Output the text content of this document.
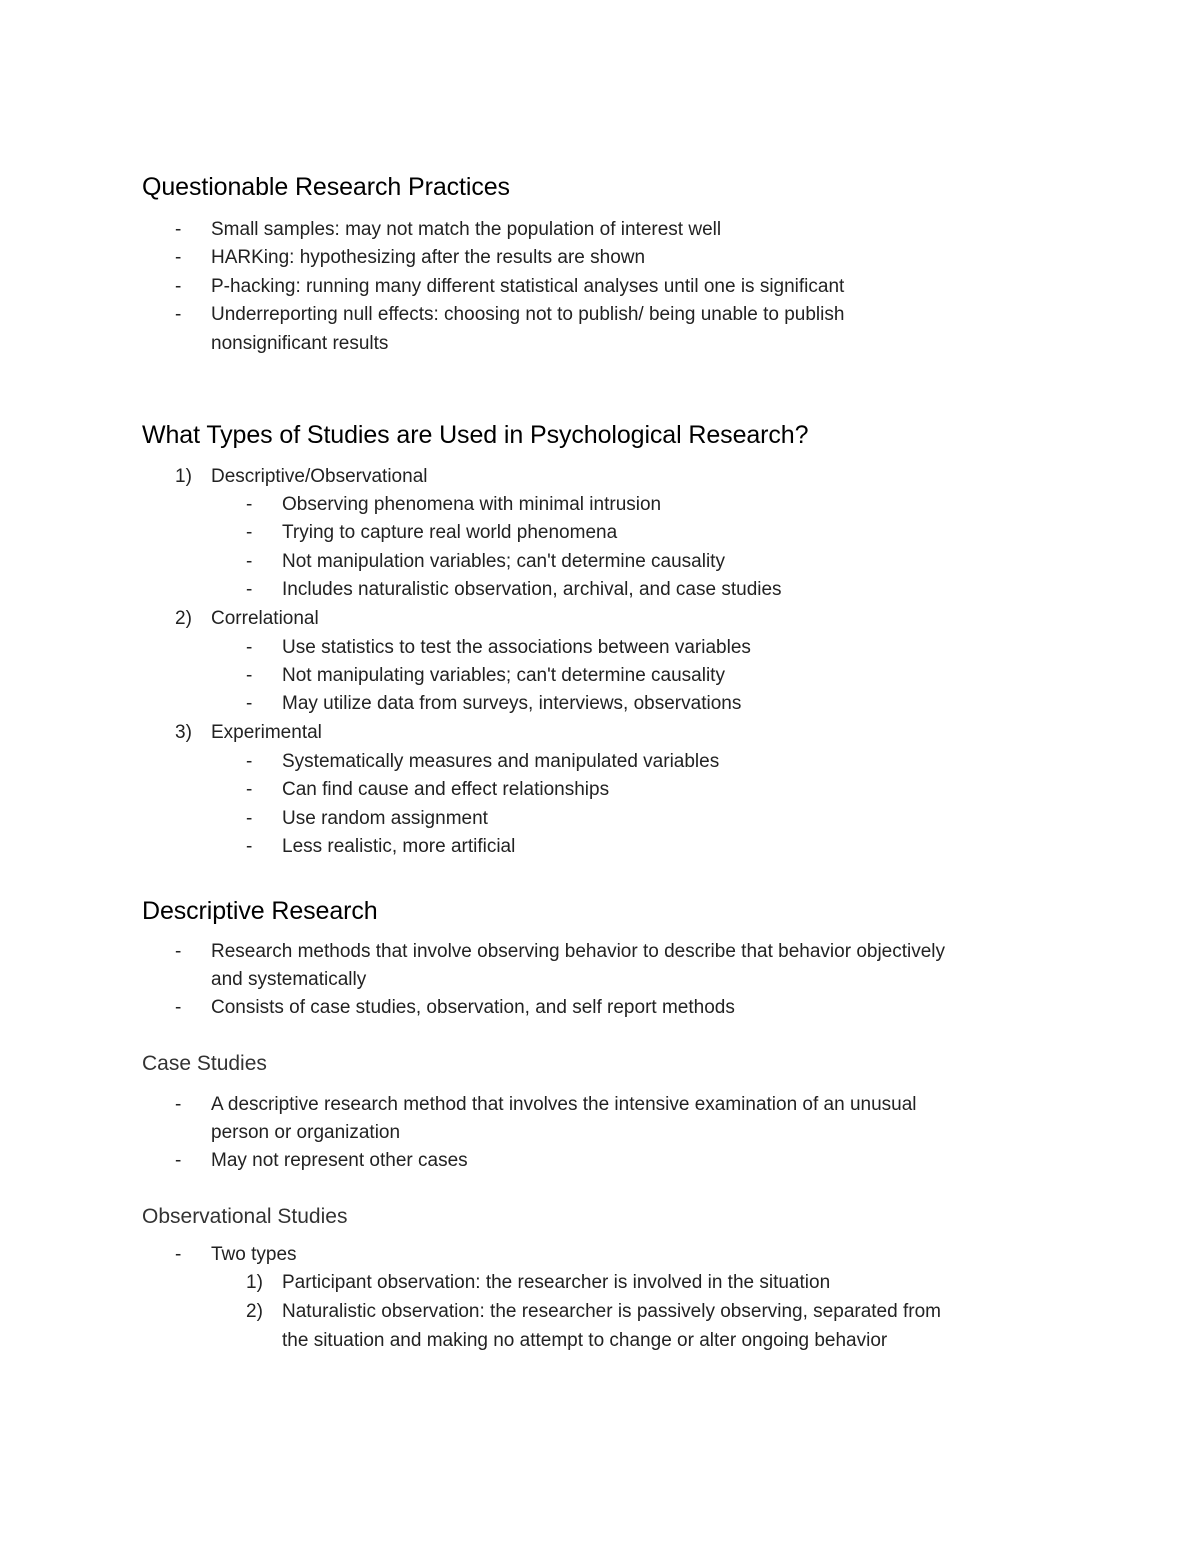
Questionable Research Practices
- Small samples: may not match the population of interest well
- HARKing: hypothesizing after the results are shown
- P-hacking: running many different statistical analyses until one is significant
- Underreporting null effects: choosing not to publish/ being unable to publish
nonsignificant results
What Types of Studies are Used in Psychological Research?
1) Descriptive/Observational
- Observing phenomena with minimal intrusion
- Trying to capture real world phenomena
- Not manipulation variables; can't determine causality
- Includes naturalistic observation, archival, and case studies
2) Correlational
- Use statistics to test the associations between variables
- Not manipulating variables; can't determine causality
- May utilize data from surveys, interviews, observations
3) Experimental
- Systematically measures and manipulated variables
- Can find cause and effect relationships
- Use random assignment
- Less realistic, more artificial
Descriptive Research
- Research methods that involve observing behavior to describe that behavior objectively
and systematically
- Consists of case studies, observation, and self report methods
Case Studies
- A descriptive research method that involves the intensive examination of an unusual
person or organization
- May not represent other cases
Observational Studies
- Two types
1) Participant observation: the researcher is involved in the situation
2) Naturalistic observation: the researcher is passively observing, separated from
the situation and making no attempt to change or alter ongoing behavior
